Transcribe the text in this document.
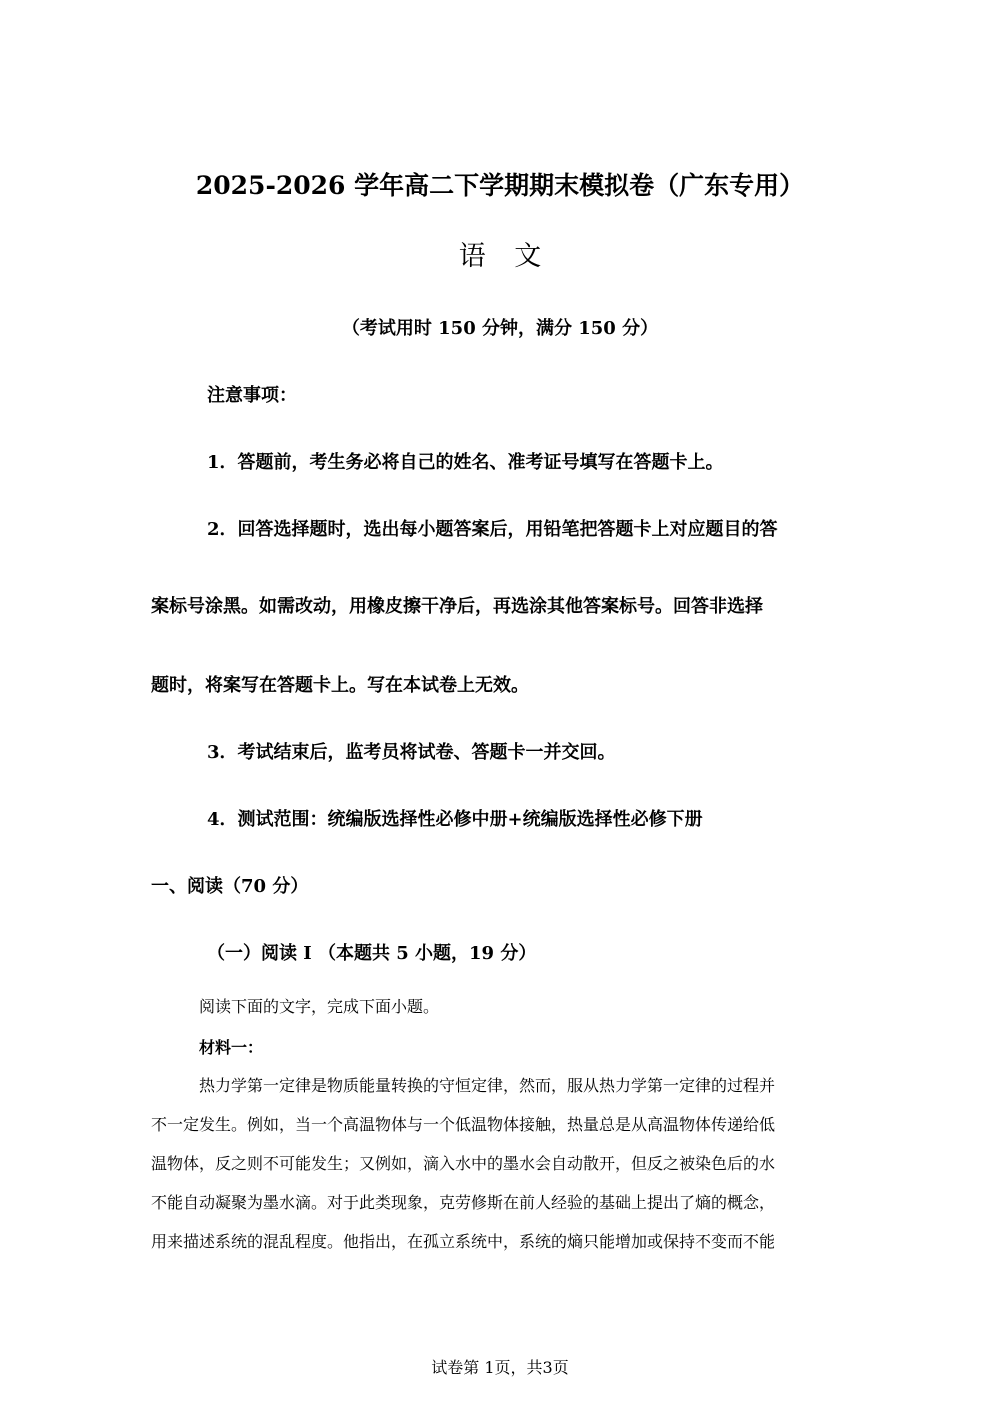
2025-2026 学年高二下学期期末模拟卷（广东专用）
语 文
（考试用时 150 分钟，满分 150 分）
注意事项：
1．答题前，考生务必将自己的姓名、准考证号填写在答题卡上。
2．回答选择题时，选出每小题答案后，用铅笔把答题卡上对应题目的答
案标号涂黑。如需改动，用橡皮擦干净后，再选涂其他答案标号。回答非选择
题时，将案写在答题卡上。写在本试卷上无效。
3．考试结束后，监考员将试卷、答题卡一并交回。
4．测试范围：统编版选择性必修中册+统编版选择性必修下册
一、阅读（70 分）
（一）阅读 I （本题共 5 小题，19 分）
阅读下面的文字，完成下面小题。
材料一：
热力学第一定律是物质能量转换的守恒定律，然而，服从热力学第一定律的过程并
不一定发生。例如，当一个高温物体与一个低温物体接触，热量总是从高温物体传递给低
温物体，反之则不可能发生；又例如，滴入水中的墨水会自动散开，但反之被染色后的水
不能自动凝聚为墨水滴。对于此类现象，克劳修斯在前人经验的基础上提出了熵的概念，
用来描述系统的混乱程度。他指出，在孤立系统中，系统的熵只能增加或保持不变而不能
试卷第 1页，共3页
